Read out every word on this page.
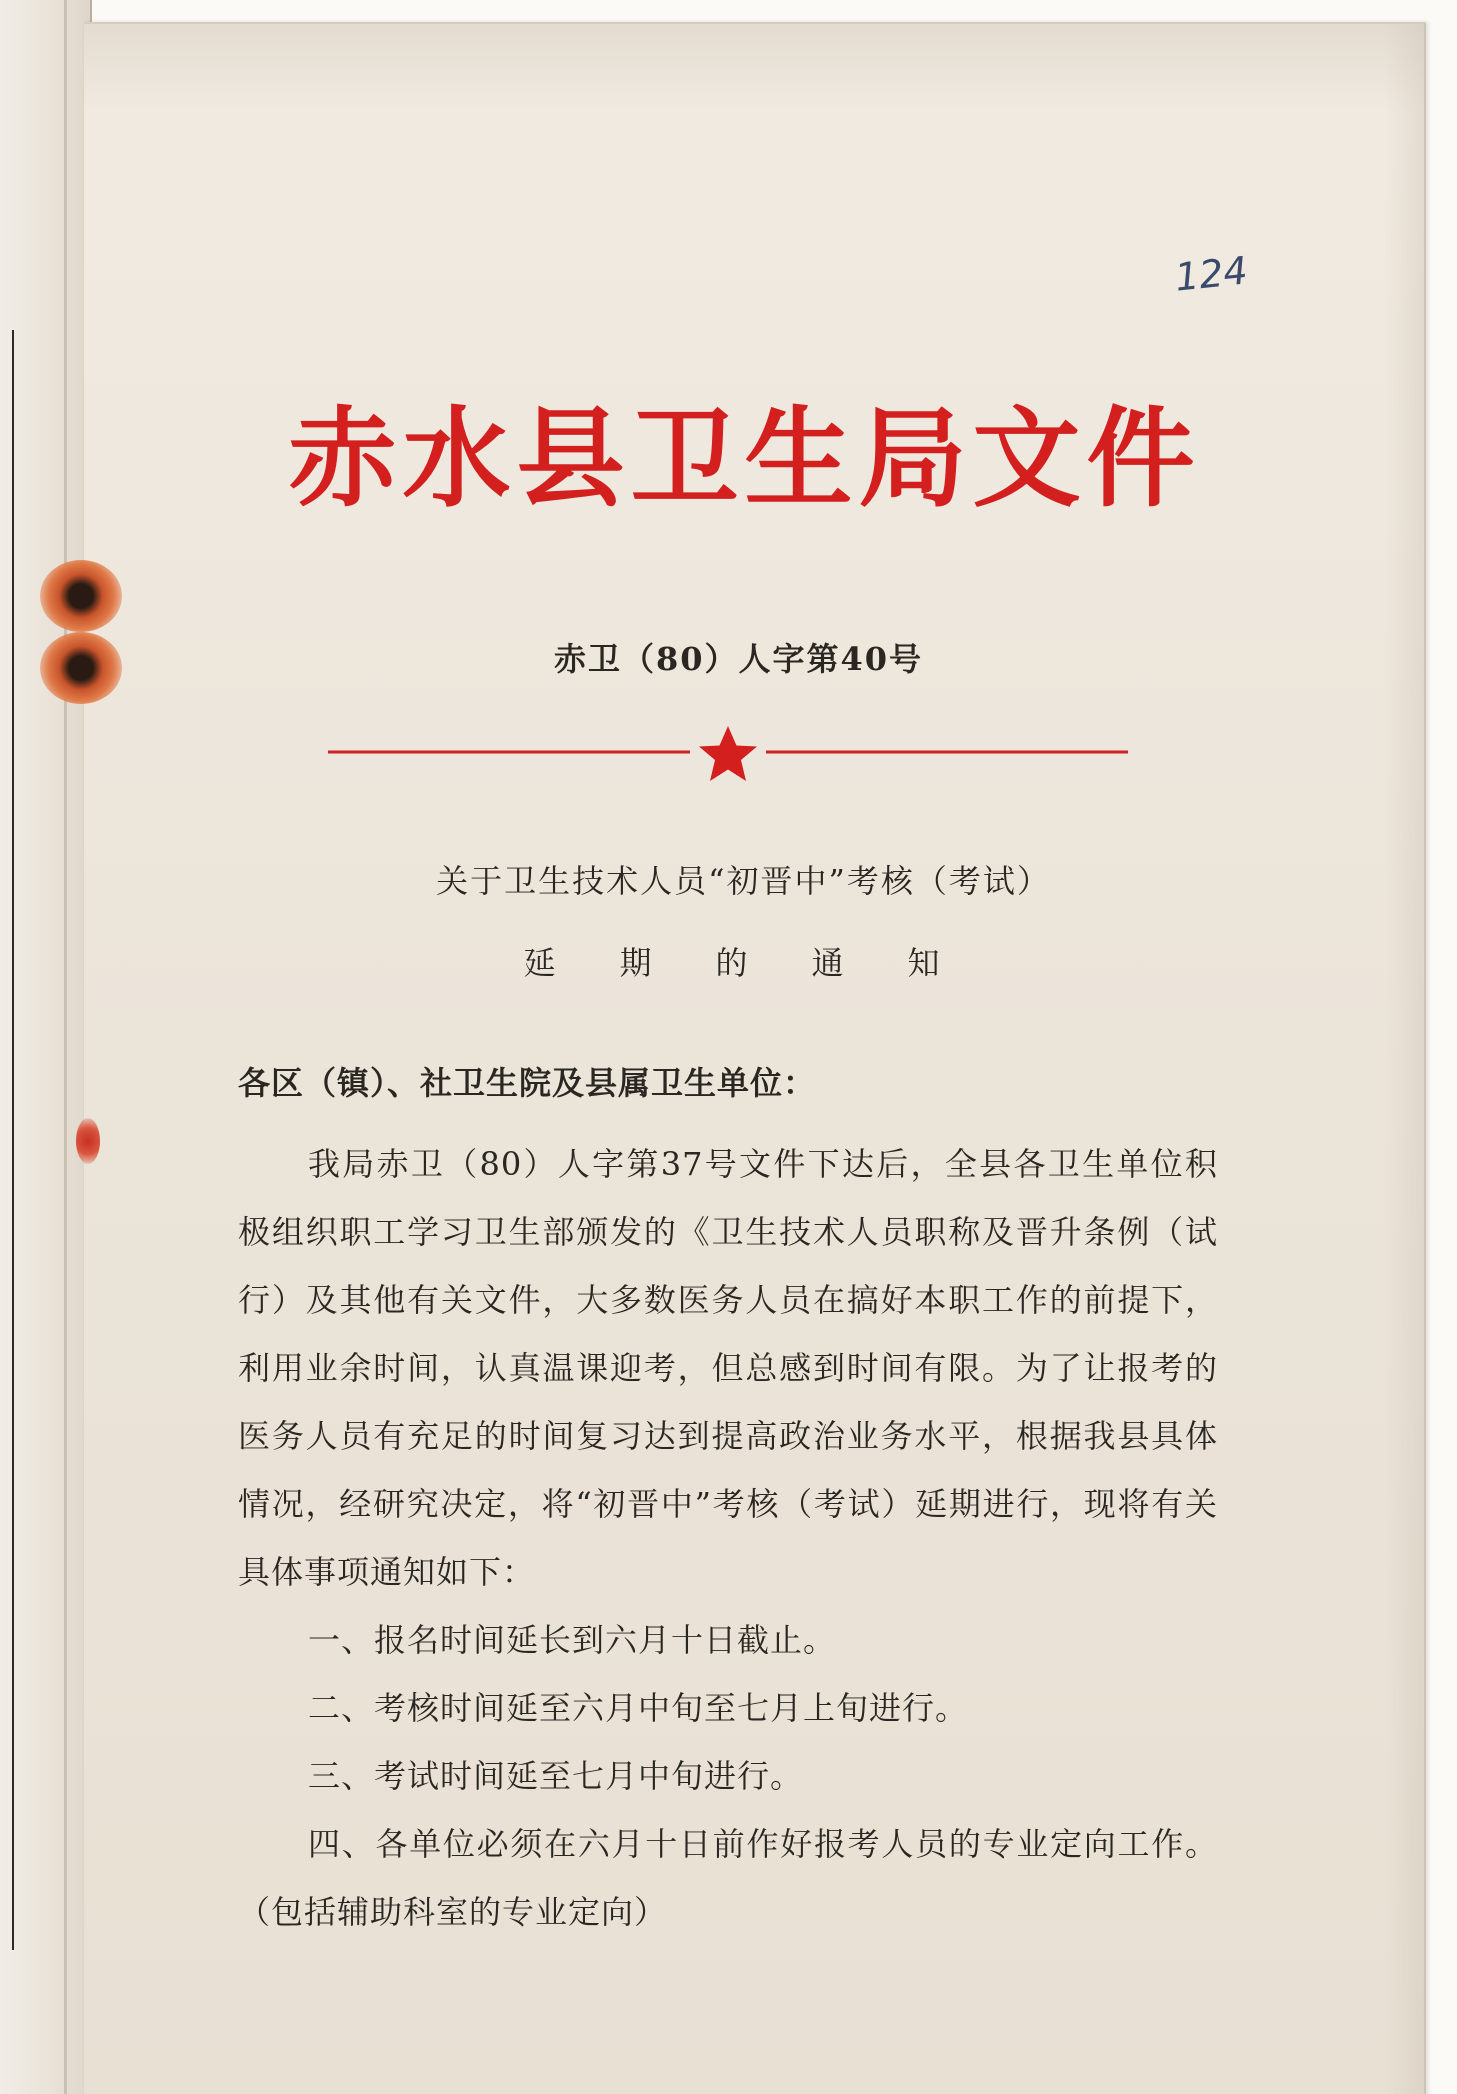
124
赤水县卫生局文件
赤卫（80）人字第40号
关于卫生技术人员“初晋中”考核（考试）
延期的通知
各区（镇）、社卫生院及县属卫生单位：

我局赤卫（80）人字第37号文件下达后，全县各卫生单位积极组织职工学习卫生部颁发的《卫生技术人员职称及晋升条例（试行）及其他有关文件，大多数医务人员在搞好本职工作的前提下，利用业余时间，认真温课迎考，但总感到时间有限。为了让报考的医务人员有充足的时间复习达到提高政治业务水平，根据我县具体情况，经研究决定，将“初晋中”考核（考试）延期进行，现将有关具体事项通知如下：

一、报名时间延长到六月十日截止。

二、考核时间延至六月中旬至七月上旬进行。

三、考试时间延至七月中旬进行。

四、各单位必须在六月十日前作好报考人员的专业定向工作。（包括辅助科室的专业定向）
